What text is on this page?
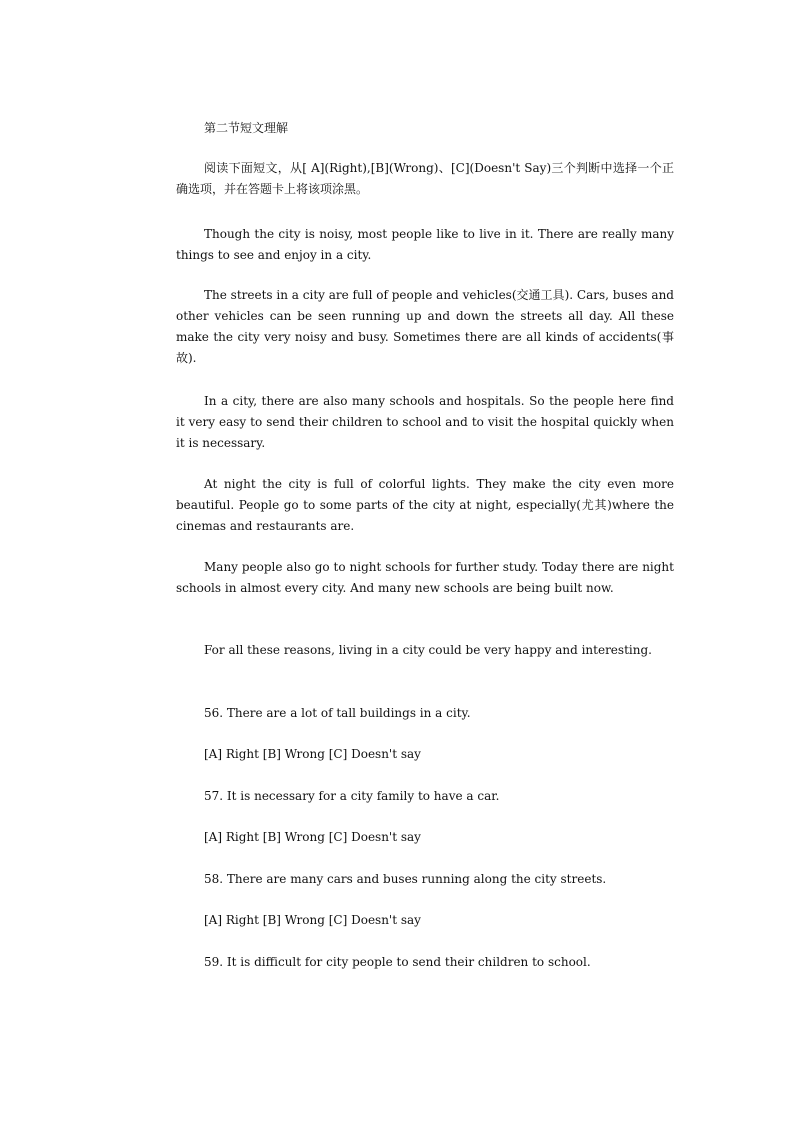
第二节短文理解

阅读下面短文，从[ A](Right),[B](Wrong)、[C](Doesn't Say)三个判断中选择一个正确选项，并在答题卡上将该项涂黑。

Though the city is noisy, most people like to live in it. There are really many things to see and enjoy in a city.

The streets in a city are full of people and vehicles(交通工具). Cars, buses and other vehicles can be seen running up and down the streets all day. All these make the city very noisy and busy. Sometimes there are all kinds of accidents(事故).

In a city, there are also many schools and hospitals. So the people here find it very easy to send their children to school and to visit the hospital quickly when it is necessary.

At night the city is full of colorful lights. They make the city even more beautiful. People go to some parts of the city at night, especially(尤其)where the cinemas and restaurants are.

Many people also go to night schools for further study. Today there are night schools in almost every city. And many new schools are being built now.

For all these reasons, living in a city could be very happy and interesting.

56. There are a lot of tall buildings in a city.

[A] Right [B] Wrong [C] Doesn't say

57. It is necessary for a city family to have a car.

[A] Right [B] Wrong [C] Doesn't say

58. There are many cars and buses running along the city streets.

[A] Right [B] Wrong [C] Doesn't say

59. It is difficult for city people to send their children to school.
